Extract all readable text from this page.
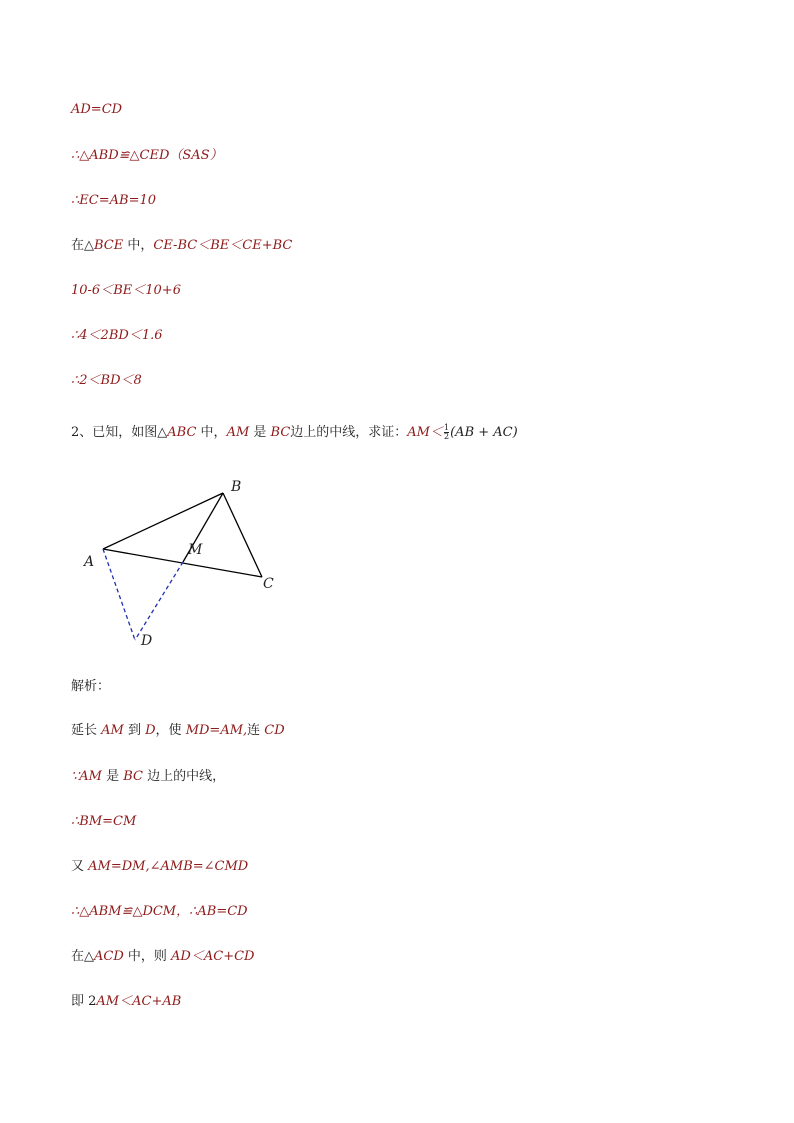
AD=CD
∴△ABD≌△CED（SAS）
∴EC=AB=10
在△BCE 中，CE-BC＜BE＜CE+BC
10-6＜BE＜10+6
∴4＜2BD＜1.6
∴2＜BD＜8
2、已知，如图△ABC 中，AM 是 BC边上的中线，求证：$AM< \frac{1}{2} (AB + AC)$
B
M
A
C
D
解析：
延长 AM 到 D，使 MD=AM,连 CD
∵AM 是 BC 边上的中线，
∴BM=CM
又 AM=DM,∠AMB=∠CMD
∴△ABM≌△DCM，∴AB=CD
在△ACD 中，则 AD＜AC+CD
即 2AM＜AC+AB
